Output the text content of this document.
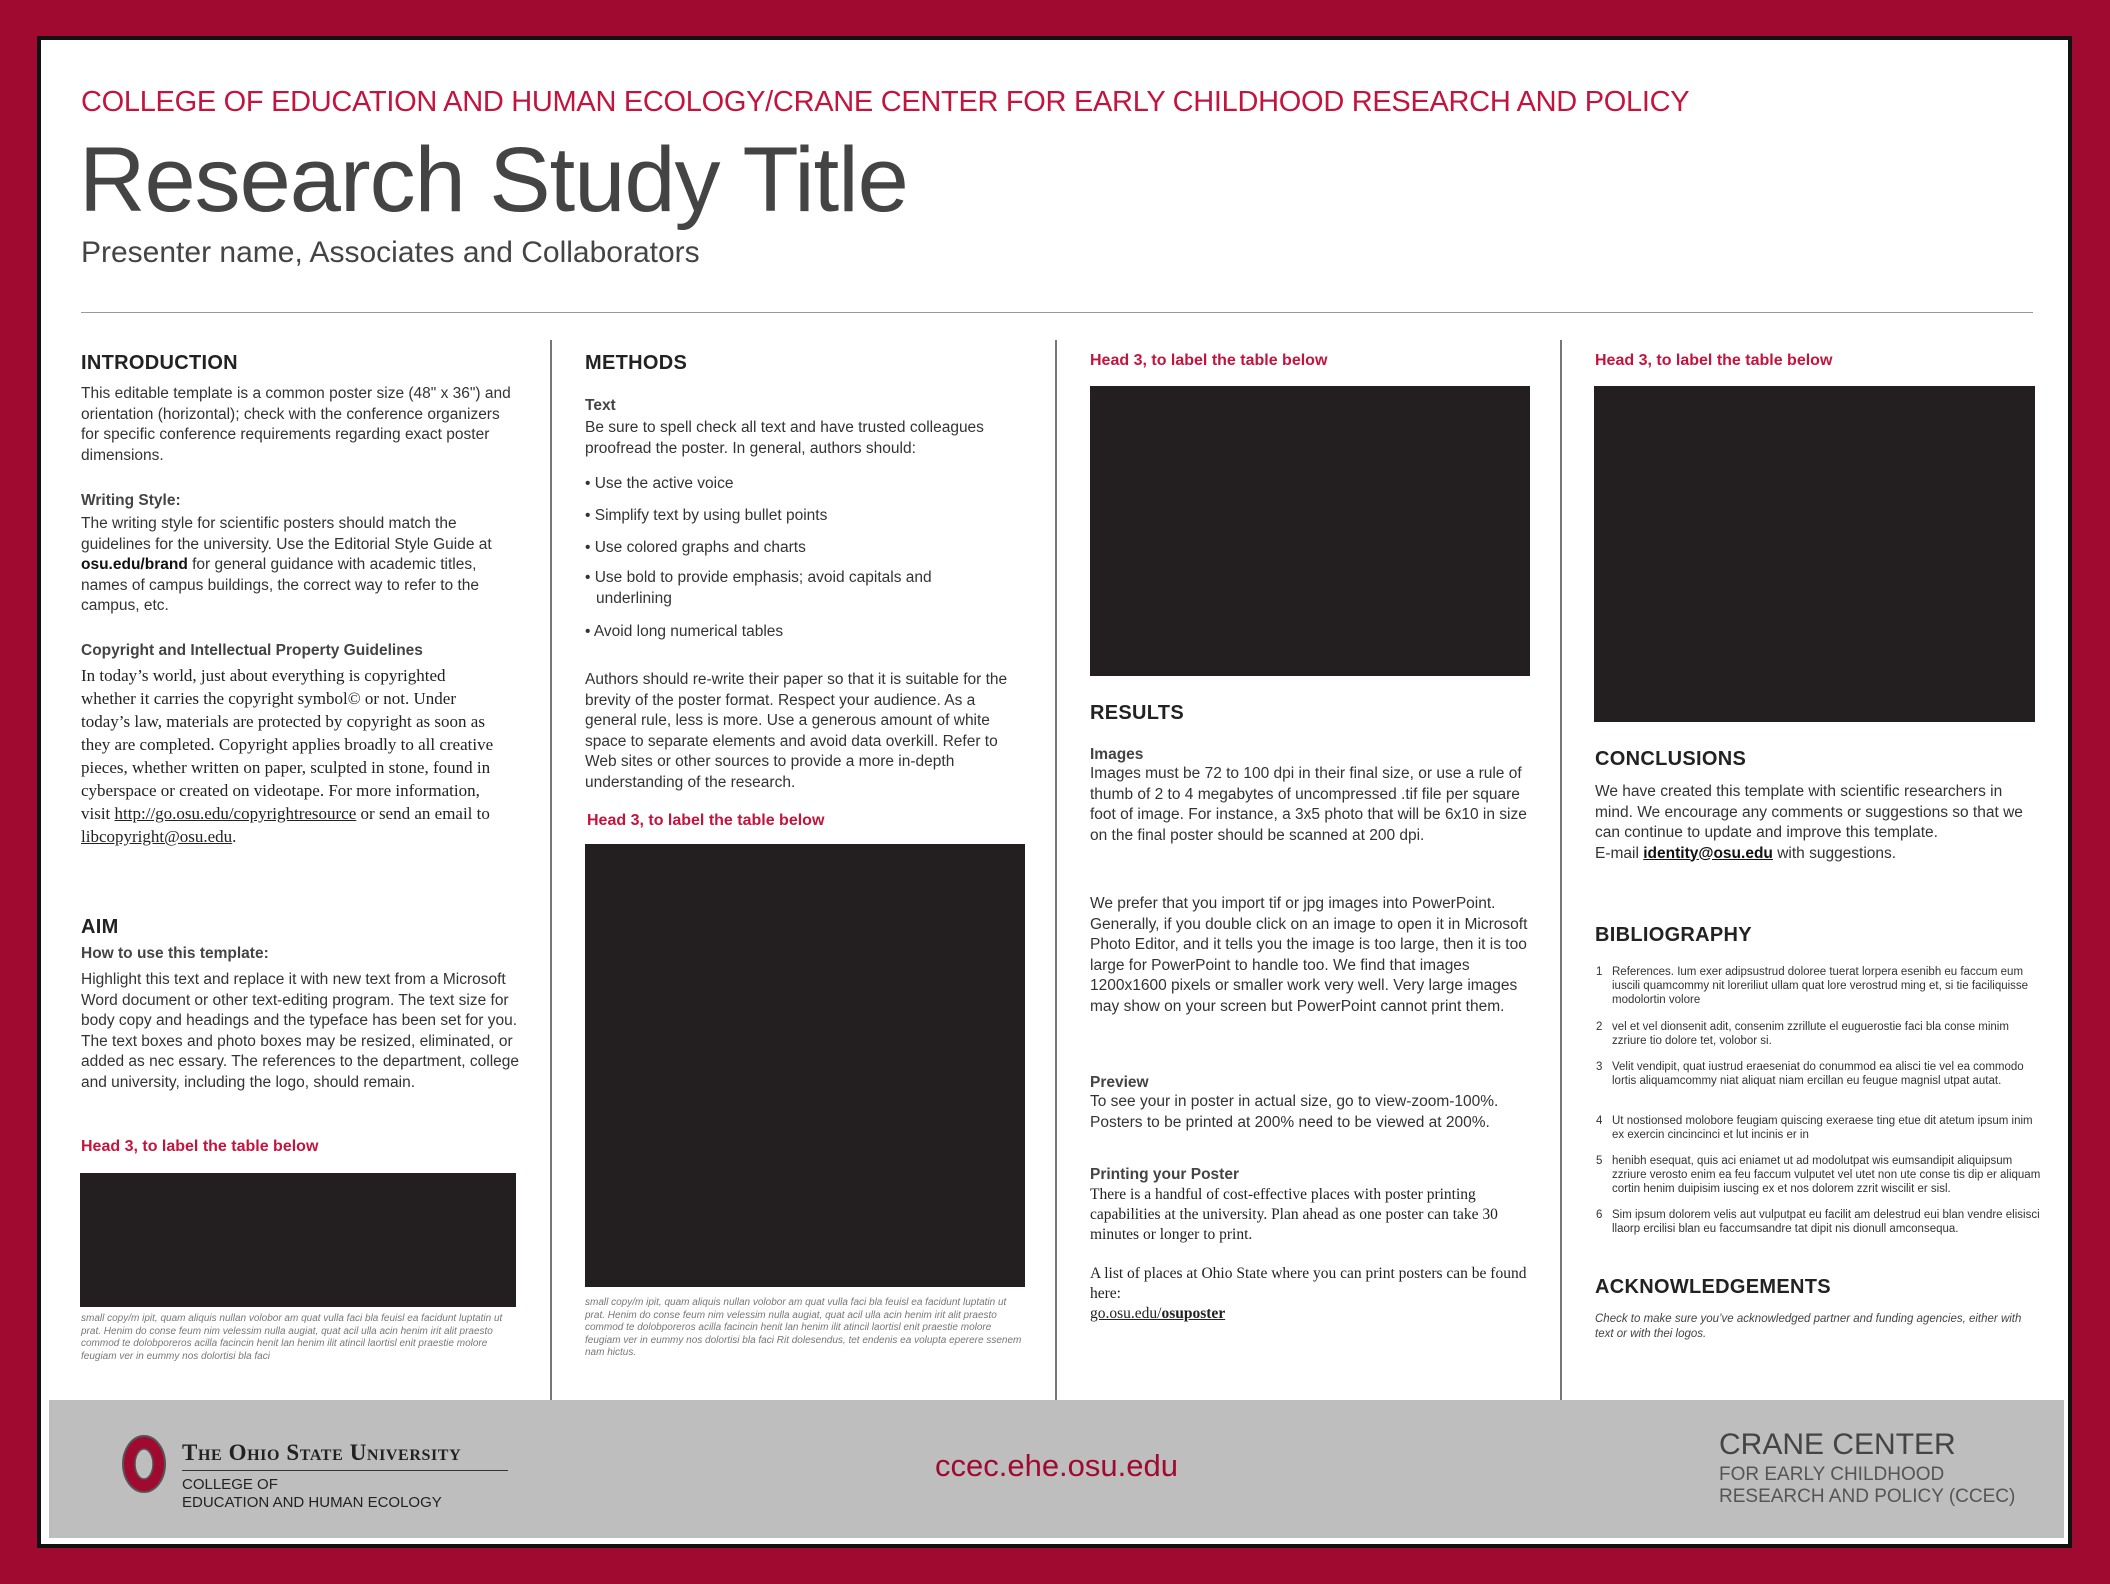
COLLEGE OF EDUCATION AND HUMAN ECOLOGY/CRANE CENTER FOR EARLY CHILDHOOD RESEARCH AND POLICY
Research Study Title
Presenter name, Associates and Collaborators
INTRODUCTION
This editable template is a common poster size (48" x 36") and orientation (horizontal); check with the conference organizers for specific conference requirements regarding exact poster dimensions.
Writing Style:
The writing style for scientific posters should match the guidelines for the university. Use the Editorial Style Guide at osu.edu/brand for general guidance with academic titles, names of campus buildings, the correct way to refer to the campus, etc.
Copyright and Intellectual Property Guidelines
In today’s world, just about everything is copyrighted whether it carries the copyright symbol© or not. Under today’s law, materials are protected by copyright as soon as they are completed. Copyright applies broadly to all creative pieces, whether written on paper, sculpted in stone, found in cyberspace or created on videotape. For more information, visit http://go.osu.edu/copyrightresource or send an email to libcopyright@osu.edu.
AIM
How to use this template:
Highlight this text and replace it with new text from a Microsoft Word document or other text-editing program. The text size for body copy and headings and the typeface has been set for you. The text boxes and photo boxes may be resized, eliminated, or added as nec essary. The references to the department, college and university, including the logo, should remain.
Head 3, to label the table below
small copy/m ipit, quam aliquis nullan volobor am quat vulla faci bla feuisl ea facidunt luptatin ut prat. Henim do conse feum nim velessim nulla augiat, quat acil ulla acin henim irit alit praesto commod te dolobporeros acilla facincin henit lan henim ilit atincil laortisl enit praestie molore feugiam ver in eummy nos dolortisi bla faci
METHODS
Text
Be sure to spell check all text and have trusted colleagues proofread the poster. In general, authors should:
• Use the active voice
• Simplify text by using bullet points
• Use colored graphs and charts
• Use bold to provide emphasis; avoid capitals and
underlining
• Avoid long numerical tables
Authors should re-write their paper so that it is suitable for the brevity of the poster format. Respect your audience. As a general rule, less is more. Use a generous amount of white space to separate elements and avoid data overkill. Refer to Web sites or other sources to provide a more in-depth understanding of the research.
Head 3, to label the table below
small copy/m ipit, quam aliquis nullan volobor am quat vulla faci bla feuisl ea facidunt luptatin ut prat. Henim do conse feum nim velessim nulla augiat, quat acil ulla acin henim irit alit praesto commod te dolobporeros acilla facincin henit lan henim ilit atincil laortisl enit praestie molore feugiam ver in eummy nos dolortisi bla faci Rit dolesendus, tet endenis ea volupta eperere ssenem nam hictus.
Head 3, to label the table below
RESULTS
Images
Images must be 72 to 100 dpi in their final size, or use a rule of thumb of 2 to 4 megabytes of uncompressed .tif file per square foot of image. For instance, a 3x5 photo that will be 6x10 in size on the final poster should be scanned at 200 dpi.
We prefer that you import tif or jpg images into PowerPoint. Generally, if you double click on an image to open it in Microsoft Photo Editor, and it tells you the image is too large, then it is too large for PowerPoint to handle too. We find that images 1200x1600 pixels or smaller work very well. Very large images may show on your screen but PowerPoint cannot print them.
Preview
To see your in poster in actual size, go to view-zoom-100%. Posters to be printed at 200% need to be viewed at 200%.
Printing your Poster
There is a handful of cost-effective places with poster printing capabilities at the university. Plan ahead as one poster can take 30 minutes or longer to print.
A list of places at Ohio State where you can print posters can be found here:
go.osu.edu/osuposter
Head 3, to label the table below
CONCLUSIONS
We have created this template with scientific researchers in mind. We encourage any comments or suggestions so that we can continue to update and improve this template.
E-mail identity@osu.edu with suggestions.
BIBLIOGRAPHY
1 References. Ium exer adipsustrud doloree tuerat lorpera esenibh eu faccum eum iuscili quamcommy nit loreriliut ullam quat lore verostrud ming et, si tie faciliquisse modolortin volore
2 vel et vel dionsenit adit, consenim zzrillute el euguerostie faci bla conse minim zzriure tio dolore tet, volobor si.
3 Velit vendipit, quat iustrud eraeseniat do conummod ea alisci tie vel ea commodo lortis aliquamcommy niat aliquat niam ercillan eu feugue magnisl utpat autat.
4 Ut nostionsed molobore feugiam quiscing exeraese ting etue dit atetum ipsum inim ex exercin cincincinci et lut incinis er in
5 henibh esequat, quis aci eniamet ut ad modolutpat wis eumsandipit aliquipsum zzriure verosto enim ea feu faccum vulputet vel utet non ute conse tis dip er aliquam cortin henim duipisim iuscing ex et nos dolorem zzrit wiscilit er sisl.
6 Sim ipsum dolorem velis aut vulputpat eu facilit am delestrud eui blan vendre elisisci llaorp ercilisi blan eu faccumsandre tat dipit nis dionull amconsequa.
ACKNOWLEDGEMENTS
Check to make sure you’ve acknowledged partner and funding agencies, either with text or with thei logos.
The Ohio State University
COLLEGE OF
EDUCATION AND HUMAN ECOLOGY
ccec.ehe.osu.edu
CRANE CENTER
FOR EARLY CHILDHOOD
RESEARCH AND POLICY (CCEC)
